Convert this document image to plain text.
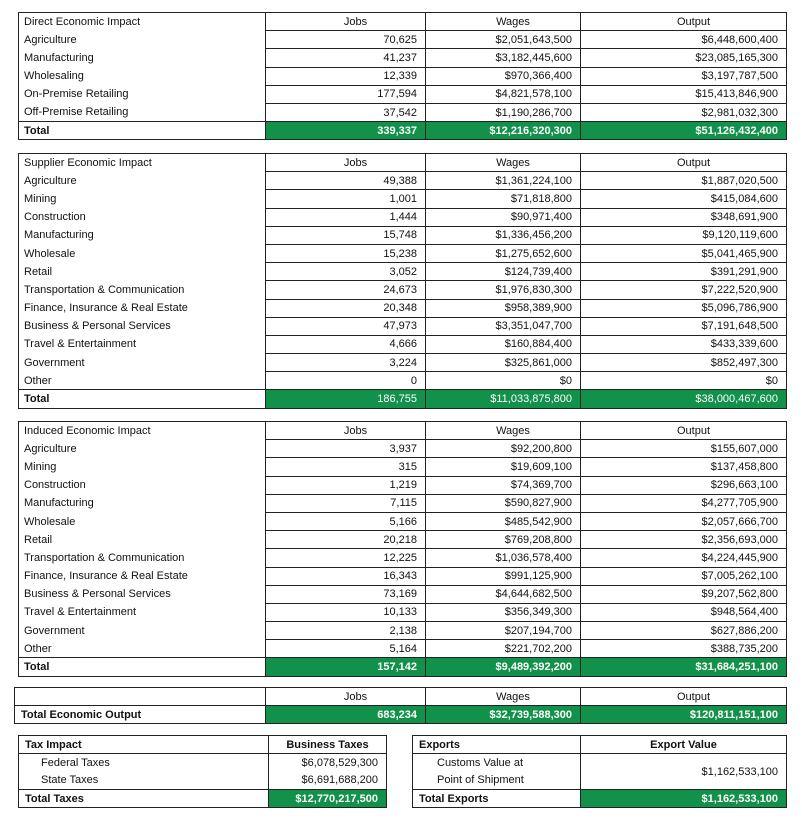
Direct Economic Impact	Jobs	Wages	Output
Agriculture	70,625	$2,051,643,500	$6,448,600,400
Manufacturing	41,237	$3,182,445,600	$23,085,165,300
Wholesaling	12,339	$970,366,400	$3,197,787,500
On-Premise Retailing	177,594	$4,821,578,100	$15,413,846,900
Off-Premise Retailing	37,542	$1,190,286,700	$2,981,032,300
Total	339,337	$12,216,320,300	$51,126,432,400
Supplier Economic Impact	Jobs	Wages	Output
Agriculture	49,388	$1,361,224,100	$1,887,020,500
Mining	1,001	$71,818,800	$415,084,600
Construction	1,444	$90,971,400	$348,691,900
Manufacturing	15,748	$1,336,456,200	$9,120,119,600
Wholesale	15,238	$1,275,652,600	$5,041,465,900
Retail	3,052	$124,739,400	$391,291,900
Transportation & Communication	24,673	$1,976,830,300	$7,222,520,900
Finance, Insurance & Real Estate	20,348	$958,389,900	$5,096,786,900
Business & Personal Services	47,973	$3,351,047,700	$7,191,648,500
Travel & Entertainment	4,666	$160,884,400	$433,339,600
Government	3,224	$325,861,000	$852,497,300
Other	0	$0	$0
Total	186,755	$11,033,875,800	$38,000,467,600
Induced Economic Impact	Jobs	Wages	Output
Agriculture	3,937	$92,200,800	$155,607,000
Mining	315	$19,609,100	$137,458,800
Construction	1,219	$74,369,700	$296,663,100
Manufacturing	7,115	$590,827,900	$4,277,705,900
Wholesale	5,166	$485,542,900	$2,057,666,700
Retail	20,218	$769,208,800	$2,356,693,000
Transportation & Communication	12,225	$1,036,578,400	$4,224,445,900
Finance, Insurance & Real Estate	16,343	$991,125,900	$7,005,262,100
Business & Personal Services	73,169	$4,644,682,500	$9,207,562,800
Travel & Entertainment	10,133	$356,349,300	$948,564,400
Government	2,138	$207,194,700	$627,886,200
Other	5,164	$221,702,200	$388,735,200
Total	157,142	$9,489,392,200	$31,684,251,100
	Jobs	Wages	Output
Total Economic Output	683,234	$32,739,588,300	$120,811,151,100
Tax Impact	Business Taxes
Federal Taxes	$6,078,529,300
State Taxes	$6,691,688,200
Total Taxes	$12,770,217,500
Exports	Export Value

Customs Value at
Point of Shipment	$1,162,533,100
Total Exports	$1,162,533,100
